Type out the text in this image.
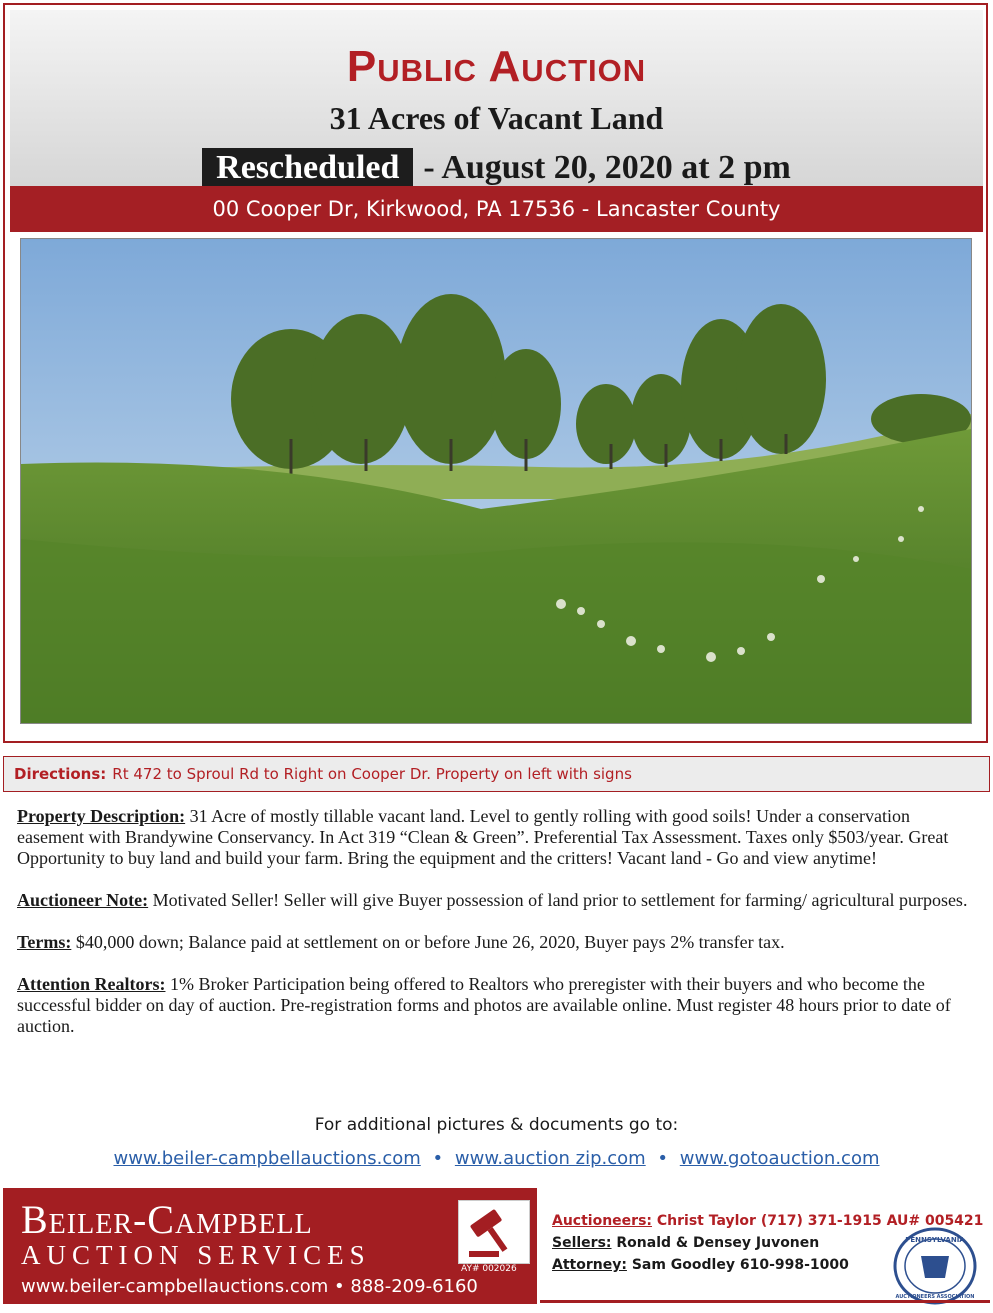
Public Auction
31 Acres of Vacant Land
Rescheduled - August 20, 2020 at 2 pm
00 Cooper Dr, Kirkwood, PA 17536 - Lancaster County
Directions: Rt 472 to Sproul Rd to Right on Cooper Dr. Property on left with signs

Property Description: 31 Acre of mostly tillable vacant land. Level to gently rolling with good soils! Under a conservation easement with Brandywine Conservancy. In Act 319 “Clean & Green”. Preferential Tax Assessment. Taxes only $503/year. Great Opportunity to buy land and build your farm. Bring the equipment and the critters! Vacant land - Go and view anytime!

Auctioneer Note: Motivated Seller! Seller will give Buyer possession of land prior to settlement for farming/ agricultural purposes.

Terms: $40,000 down; Balance paid at settlement on or before June 26, 2020, Buyer pays 2% transfer tax.

Attention Realtors: 1% Broker Participation being offered to Realtors who preregister with their buyers and who become the successful bidder on day of auction. Pre-registration forms and photos are available online. Must register 48 hours prior to date of auction.

For additional pictures & documents go to:
www.beiler-campbellauctions.com • www.auction zip.com • www.gotoauction.com
Beiler-Campbell
AUCTION SERVICES
www.beiler-campbellauctions.com • 888-209-6160
AY# 002026
Auctioneers: Christ Taylor (717) 371-1915 AU# 005421
Sellers: Ronald & Densey Juvonen
Attorney: Sam Goodley 610-998-1000
PENNSYLVANIA
AUCTIONEERS ASSOCIATION
